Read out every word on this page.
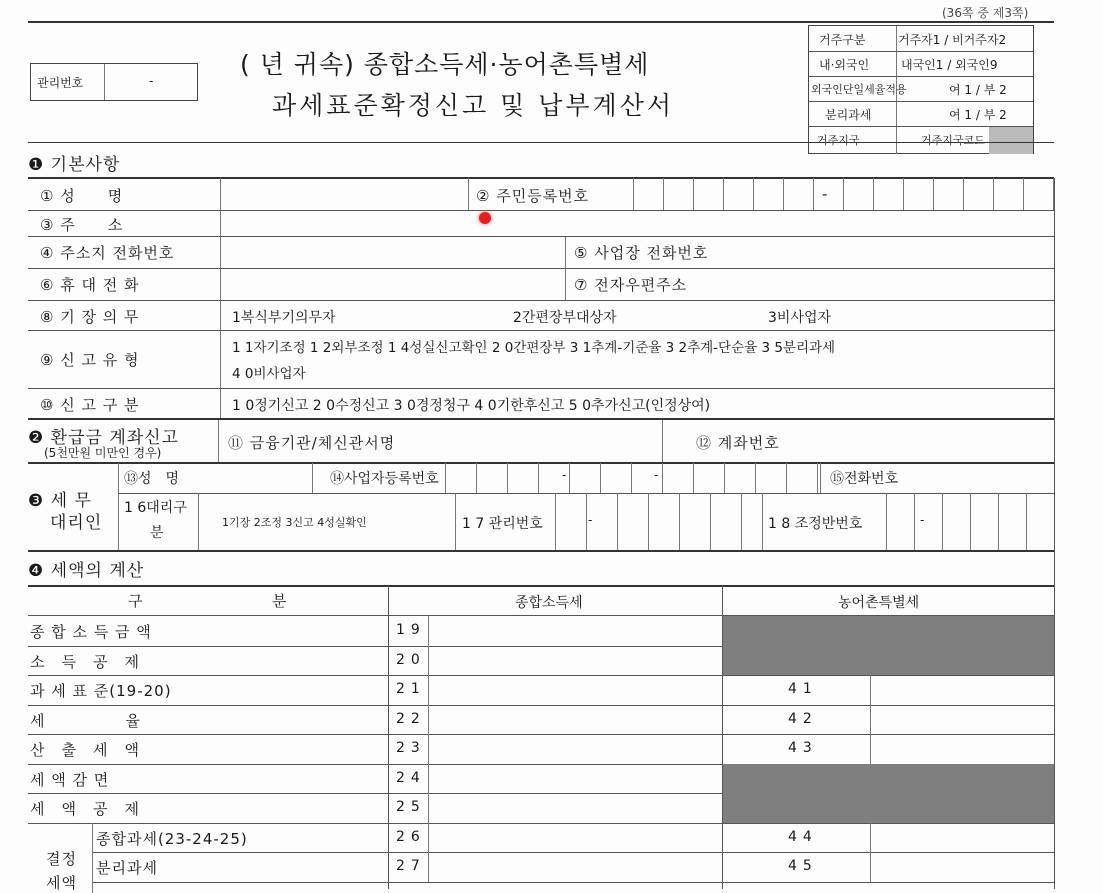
(36쪽 중 제3쪽)
관리번호	-
( 년 귀속) 종합소득세·농어촌특별세
과세표준확정신고 및 납부계산서
거주구분	거주자1 / 비거주자2
내·외국인	내국인1 / 외국인9
외국인단일세율적용	여 1 / 부 2
분리과세	여 1 / 부 2
거주지국	거주지국코드
❶ 기본사항
① 성　　명	② 주민등록번호	-
③ 주　　소
④ 주소지 전화번호	⑤ 사업장 전화번호
⑥ 휴 대 전 화	⑦ 전자우편주소
⑧ 기 장 의 무	1복식부기의무자	2간편장부대상자	3비사업자
⑨ 신 고 유 형
1 1자기조정 1 2외부조정 1 4성실신고확인 2 0간편장부 3 1추계-기준율 3 2추계-단순율 3 5분리과세
4 0비사업자
⑩ 신 고 구 분	1 0정기신고 2 0수정신고 3 0경정청구 4 0기한후신고 5 0추가신고(인정상여)
❷ 환급금 계좌신고
(5천만원 미만인 경우)
⑪ 금융기관/체신관서명	⑫ 계좌번호
❸ 세 무
대리인
⑬성　명	⑭사업자등록번호	-	-	⑮전화번호
1 6대리구
분
1기장 2조정 3신고 4성실확인	1 7 관리번호	-	1 8 조정반번호	-
❹ 세액의 계산
구	분	종합소득세	농어촌특별세
종 합 소 득 금 액	19
소　득　공　제	20
과 세 표 준(19-20)	21	41
세　　　　　율	22	42
산　출　세　액	23	43
세 액 감 면	24
세　액　공　제	25
종합과세(23-24-25)	26	44
분리과세	27	45
결정
세액
